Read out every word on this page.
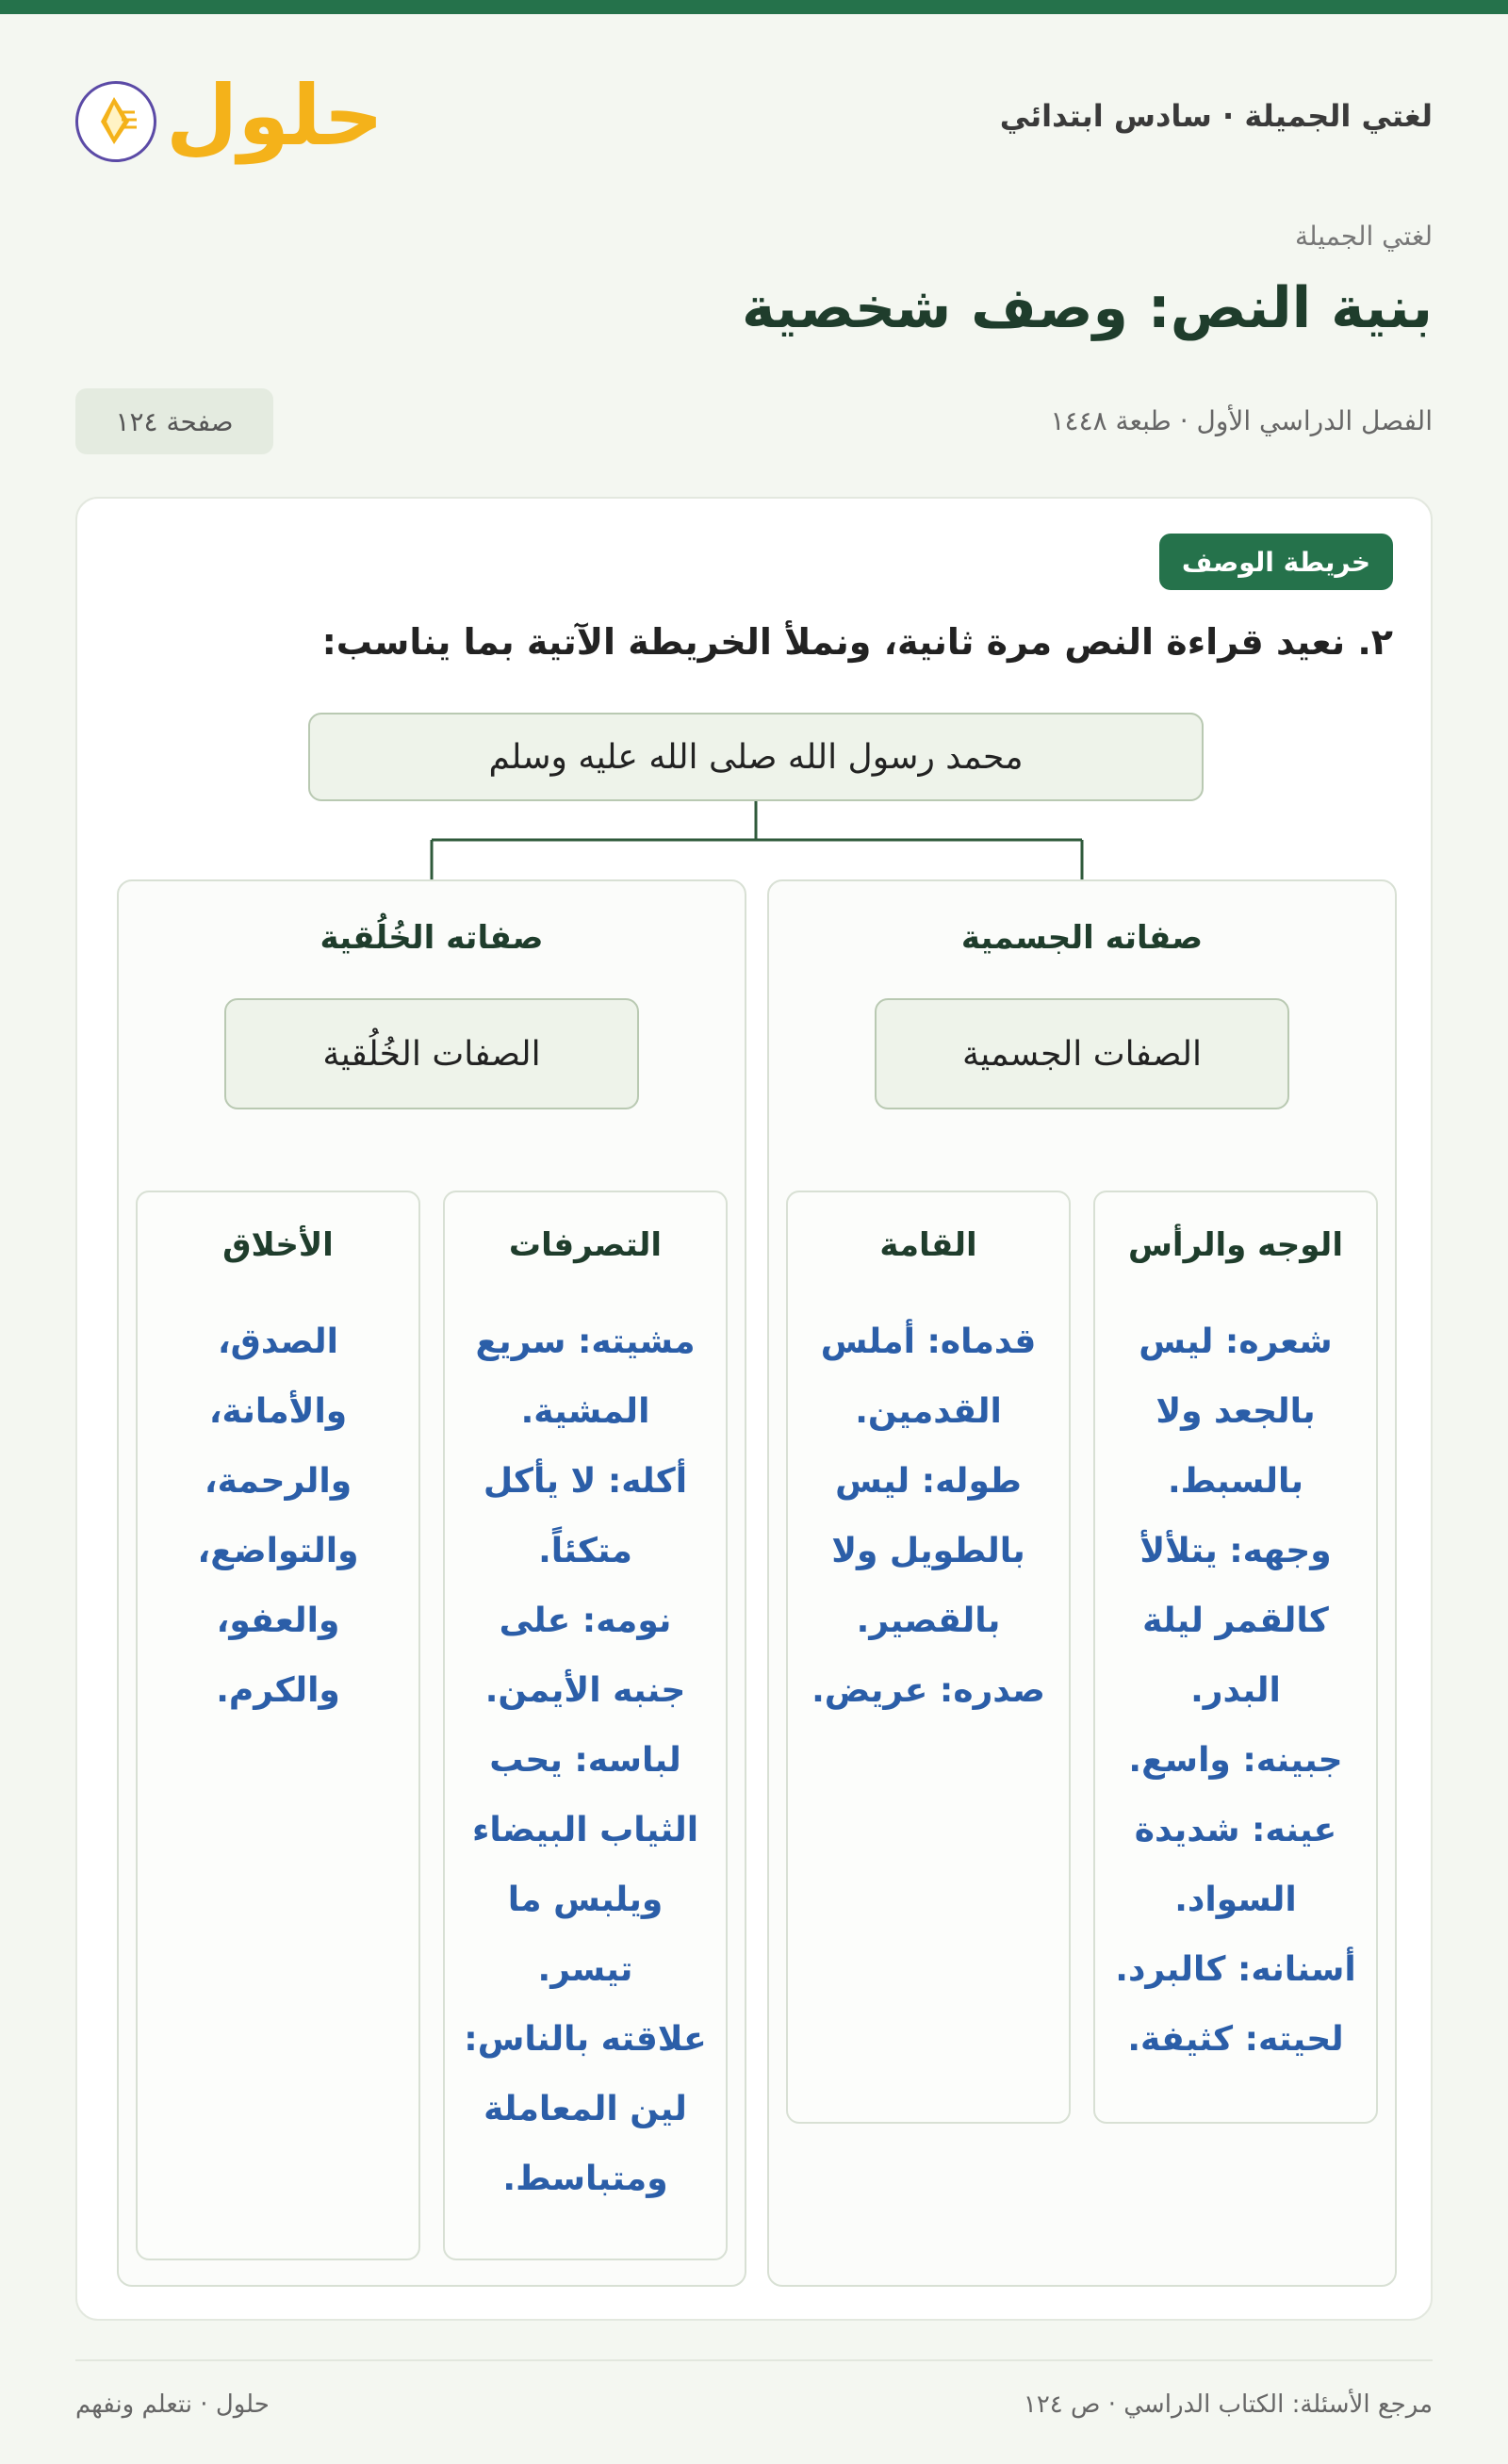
لغتي الجميلة · سادس ابتدائي
حلول
لغتي الجميلة
بنية النص: وصف شخصية
الفصل الدراسي الأول · طبعة ١٤٤٨
صفحة ١٢٤
خريطة الوصف
٢. نعيد قراءة النص مرة ثانية، ونملأ الخريطة الآتية بما يناسب:
محمد رسول الله صلى الله عليه وسلم
صفاته الجسمية
الصفات الجسمية
صفاته الخُلُقية
الصفات الخُلُقية
الوجه والرأس
شعره: ليس
بالجعد ولا
بالسبط.
وجهه: يتلألأ
كالقمر ليلة
البدر.
جبينه: واسع.
عينه: شديدة
السواد.
أسنانه: كالبرد.
لحيته: كثيفة.
القامة
قدماه: أملس
القدمين.
طوله: ليس
بالطويل ولا
بالقصير.
صدره: عريض.
التصرفات
مشيته: سريع
المشية.
أكله: لا يأكل
متكئاً.
نومه: على
جنبه الأيمن.
لباسه: يحب
الثياب البيضاء
ويلبس ما
تيسر.
علاقته بالناس:
لين المعاملة
ومتباسط.
الأخلاق
الصدق،
والأمانة،
والرحمة،
والتواضع،
والعفو، والكرم.
مرجع الأسئلة: الكتاب الدراسي · ص ١٢٤
حلول · نتعلم ونفهم
